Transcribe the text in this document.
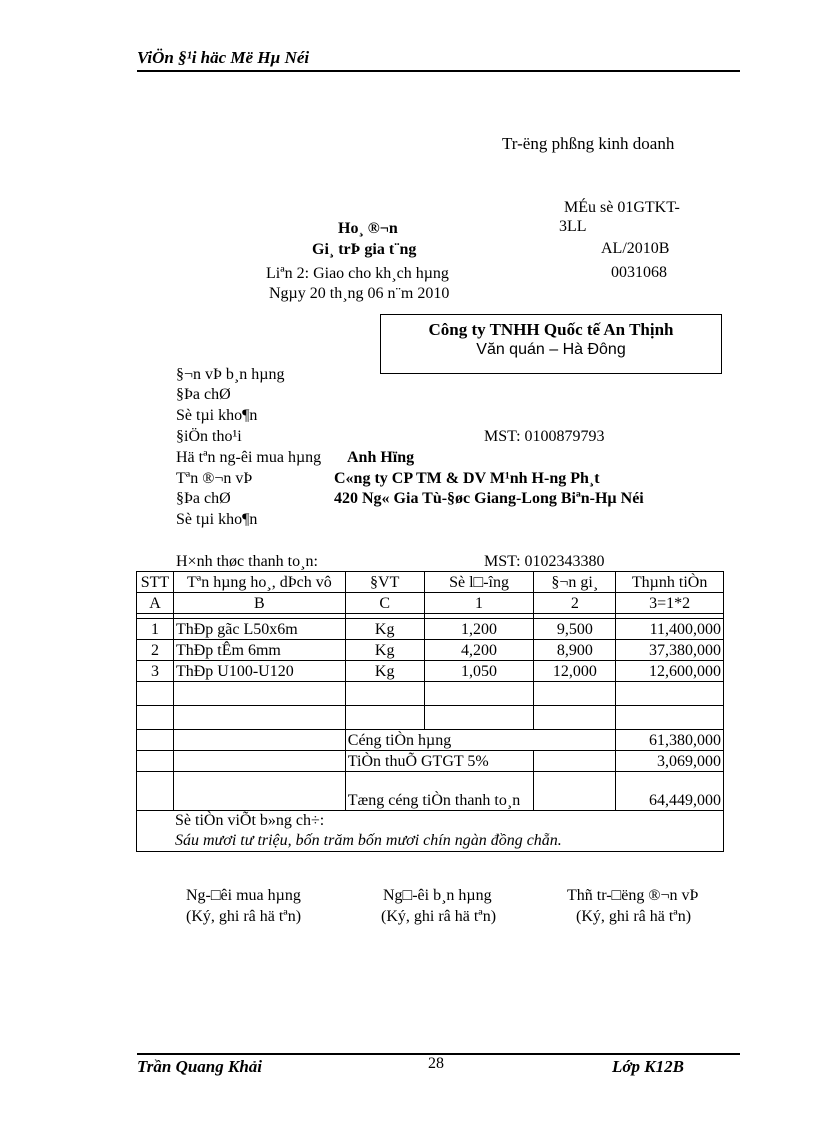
ViÖn §¹i häc Më Hµ Néi
Tr-ëng phßng kinh doanh
MÉu sè 01GTKT-
3LL
AL/2010B
0031068
Ho¸ ®¬n
Gi¸ trÞ gia t¨ng
Liªn 2: Giao cho kh¸ch hµng
Ngµy 20 th¸ng 06 n¨m 2010
Công ty TNHH Quốc tế An Thịnh
Văn quán – Hà Đông
§¬n vÞ b¸n hµng
§Þa chØ
Sè tµi kho¶n
§iÖn tho¹i	MST: 0100879793
Hä tªn ng-êi mua hµng Anh Hïng
Tªn ®¬n vÞ	C«ng ty CP TM & DV M¹nh H-ng Ph¸t
§Þa chØ	420 Ng« Gia Tù-§øc Giang-Long Biªn-Hµ Néi
Sè tµi kho¶n
H×nh thøc thanh to¸n:	MST: 0102343380
STT	Tªn hµng ho¸, dÞch vô	§VT	Sè l□-îng	§¬n gi¸	Thµnh tiÒn
A	B	C	1	2	3=1*2

1	ThÐp gãc L50x6m	Kg	1,200	9,500	11,400,000
2	ThÐp tÊm 6mm	Kg	4,200	8,900	37,380,000
3	ThÐp U100-U120	Kg	1,050	12,000	12,600,000

		Céng tiÒn hµng			61,380,000
		TiÒn thuÕ GTGT 5%			3,069,000
		Tæng céng tiÒn thanh to¸n			64,449,000

Sè tiÒn viÕt b»ng ch÷:
Sáu mươi tư triệu, bốn trăm bốn mươi chín ngàn đồng chẵn.					
Ng-□êi mua hµng
(Ký, ghi râ hä tªn)
Ng□-êi b¸n hµng
(Ký, ghi râ hä tªn)
Thñ tr-□ëng ®¬n vÞ
(Ký, ghi râ hä tªn)
Trần Quang Khải	28	Lớp K12B
